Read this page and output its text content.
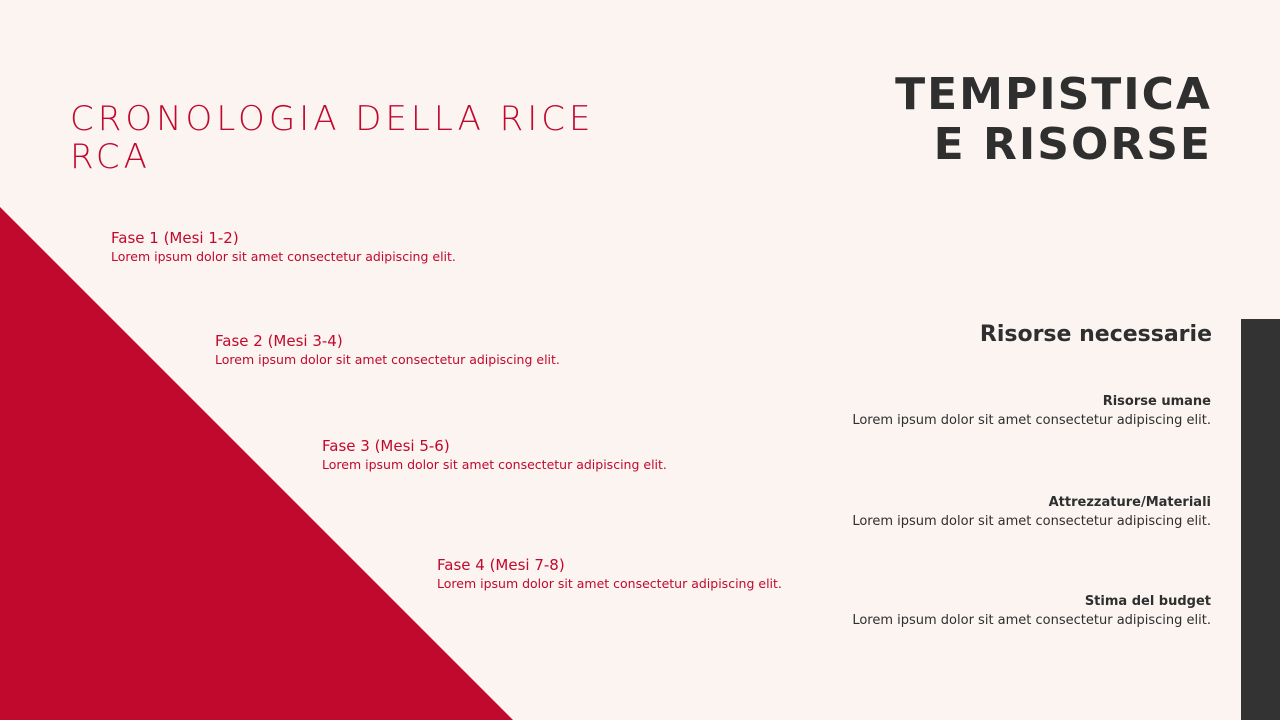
CRONOLOGIA DELLA RICERCA
TEMPISTICA
E RISORSE
Fase 1 (Mesi 1-2)
Lorem ipsum dolor sit amet consectetur adipiscing elit.
Fase 2 (Mesi 3-4)
Lorem ipsum dolor sit amet consectetur adipiscing elit.
Fase 3 (Mesi 5-6)
Lorem ipsum dolor sit amet consectetur adipiscing elit.
Fase 4 (Mesi 7-8)
Lorem ipsum dolor sit amet consectetur adipiscing elit.
Risorse necessarie
Risorse umane
Lorem ipsum dolor sit amet consectetur adipiscing elit.
Attrezzature/Materiali
Lorem ipsum dolor sit amet consectetur adipiscing elit.
Stima del budget
Lorem ipsum dolor sit amet consectetur adipiscing elit.
